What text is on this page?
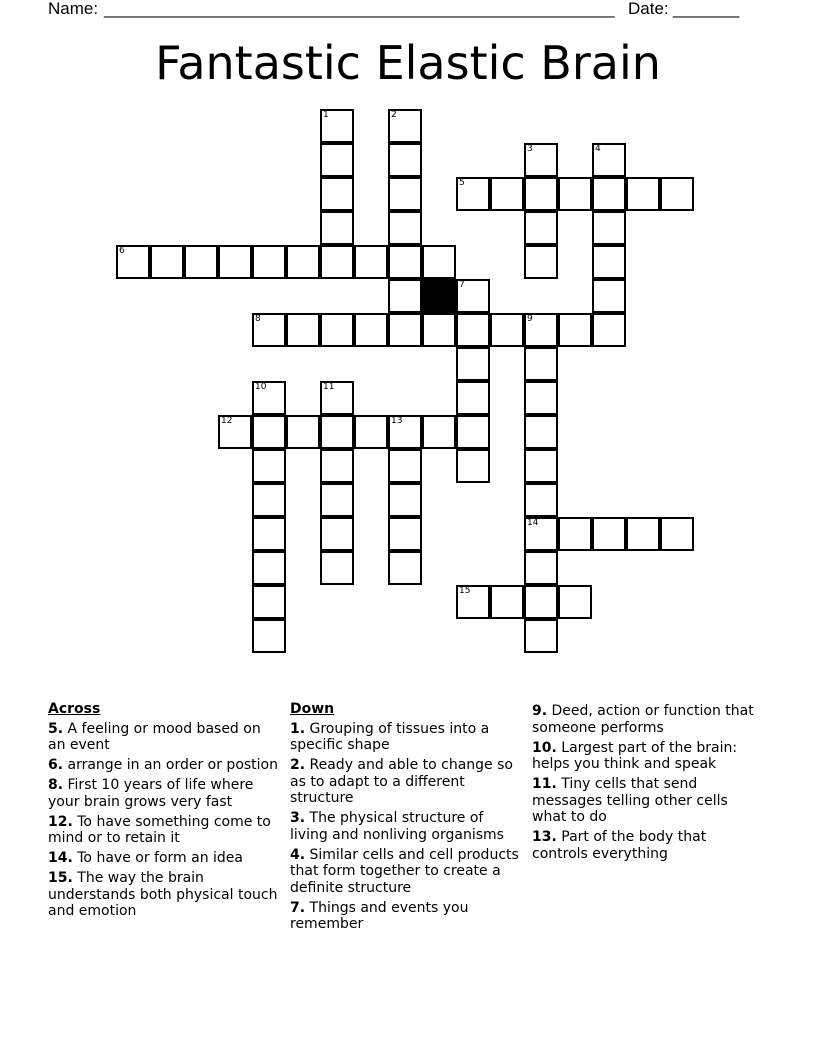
Name: ______________________________________________________ Date: _______
Fantastic Elastic Brain
1	2
3	4
5
6
7
8	9
10	11
12	13
14
15
Across
5. A feeling or mood based on an event
6. arrange in an order or postion
8. First 10 years of life where your brain grows very fast
12. To have something come to mind or to retain it
14. To have or form an idea
15. The way the brain understands both physical touch and emotion
Down
1. Grouping of tissues into a specific shape
2. Ready and able to change so as to adapt to a different structure
3. The physical structure of living and nonliving organisms
4. Similar cells and cell products that form together to create a definite structure
7. Things and events you remember
9. Deed, action or function that someone performs
10. Largest part of the brain: helps you think and speak
11. Tiny cells that send messages telling other cells what to do
13. Part of the body that controls everything
